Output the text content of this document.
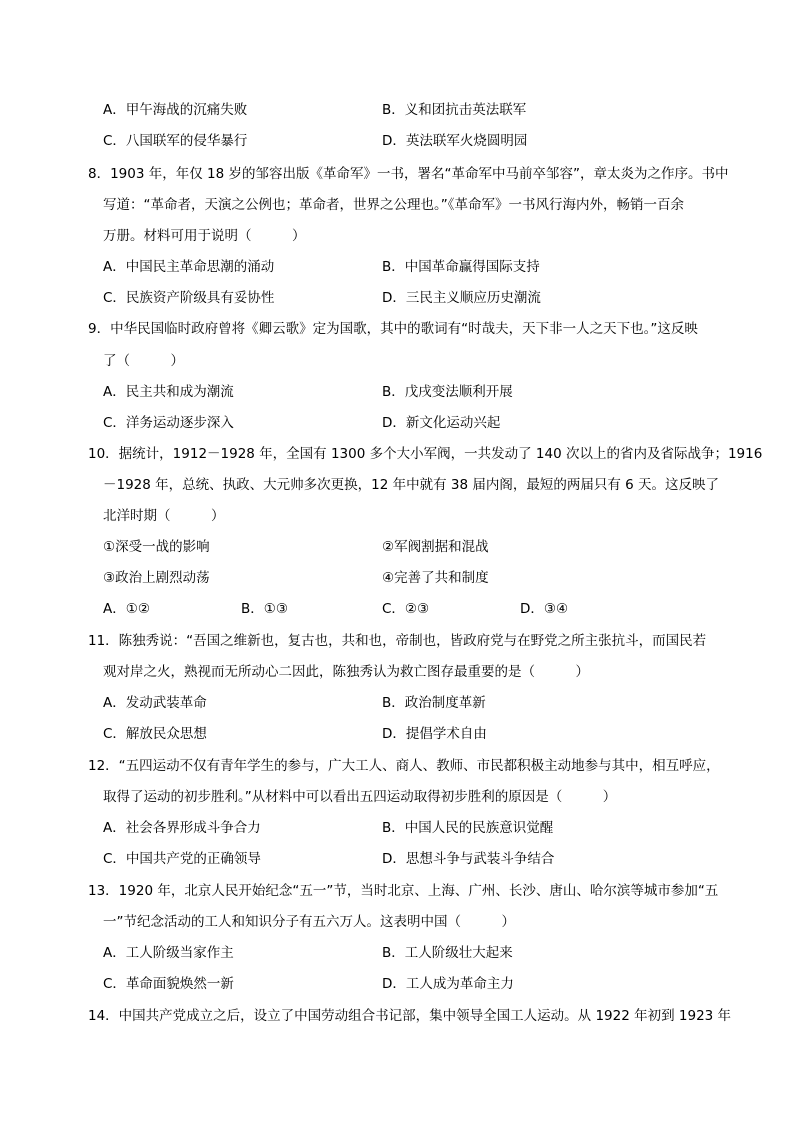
A．甲午海战的沉痛失败	B．义和团抗击英法联军
C．八国联军的侵华暴行	D．英法联军火烧圆明园
8．1903 年，年仅 18 岁的邹容出版《革命军》一书，署名“革命军中马前卒邹容”，章太炎为之作序。书中
写道：“革命者，天演之公例也；革命者，世界之公理也。”《革命军》一书风行海内外，畅销一百余
万册。材料可用于说明（　　　）
A．中国民主革命思潮的涌动	B．中国革命赢得国际支持
C．民族资产阶级具有妥协性	D．三民主义顺应历史潮流
9．中华民国临时政府曾将《卿云歌》定为国歌，其中的歌词有“时哉夫，天下非一人之天下也。”这反映
了（　　　）
A．民主共和成为潮流	B．戊戌变法顺利开展
C．洋务运动逐步深入	D．新文化运动兴起
10．据统计，1912－1928 年，全国有 1300 多个大小军阀，一共发动了 140 次以上的省内及省际战争；1916
－1928 年，总统、执政、大元帅多次更换，12 年中就有 38 届内阁，最短的两届只有 6 天。这反映了
北洋时期（　　　）
①深受一战的影响	②军阀割据和混战
③政治上剧烈动荡	④完善了共和制度
A．①②	B．①③	C．②③	D．③④
11．陈独秀说：“吾国之维新也，复古也，共和也，帝制也，皆政府党与在野党之所主张抗斗，而国民若
观对岸之火，熟视而无所动心二因此，陈独秀认为救亡图存最重要的是（　　　）
A．发动武装革命	B．政治制度革新
C．解放民众思想	D．提倡学术自由
12．“五四运动不仅有青年学生的参与，广大工人、商人、教师、市民都积极主动地参与其中，相互呼应，
取得了运动的初步胜利。”从材料中可以看出五四运动取得初步胜利的原因是（　　　）
A．社会各界形成斗争合力	B．中国人民的民族意识觉醒
C．中国共产党的正确领导	D．思想斗争与武装斗争结合
13．1920 年，北京人民开始纪念“五一”节，当时北京、上海、广州、长沙、唐山、哈尔滨等城市参加“五
一”节纪念活动的工人和知识分子有五六万人。这表明中国（　　　）
A．工人阶级当家作主	B．工人阶级壮大起来
C．革命面貌焕然一新	D．工人成为革命主力
14．中国共产党成立之后，设立了中国劳动组合书记部，集中领导全国工人运动。从 1922 年初到 1923 年
